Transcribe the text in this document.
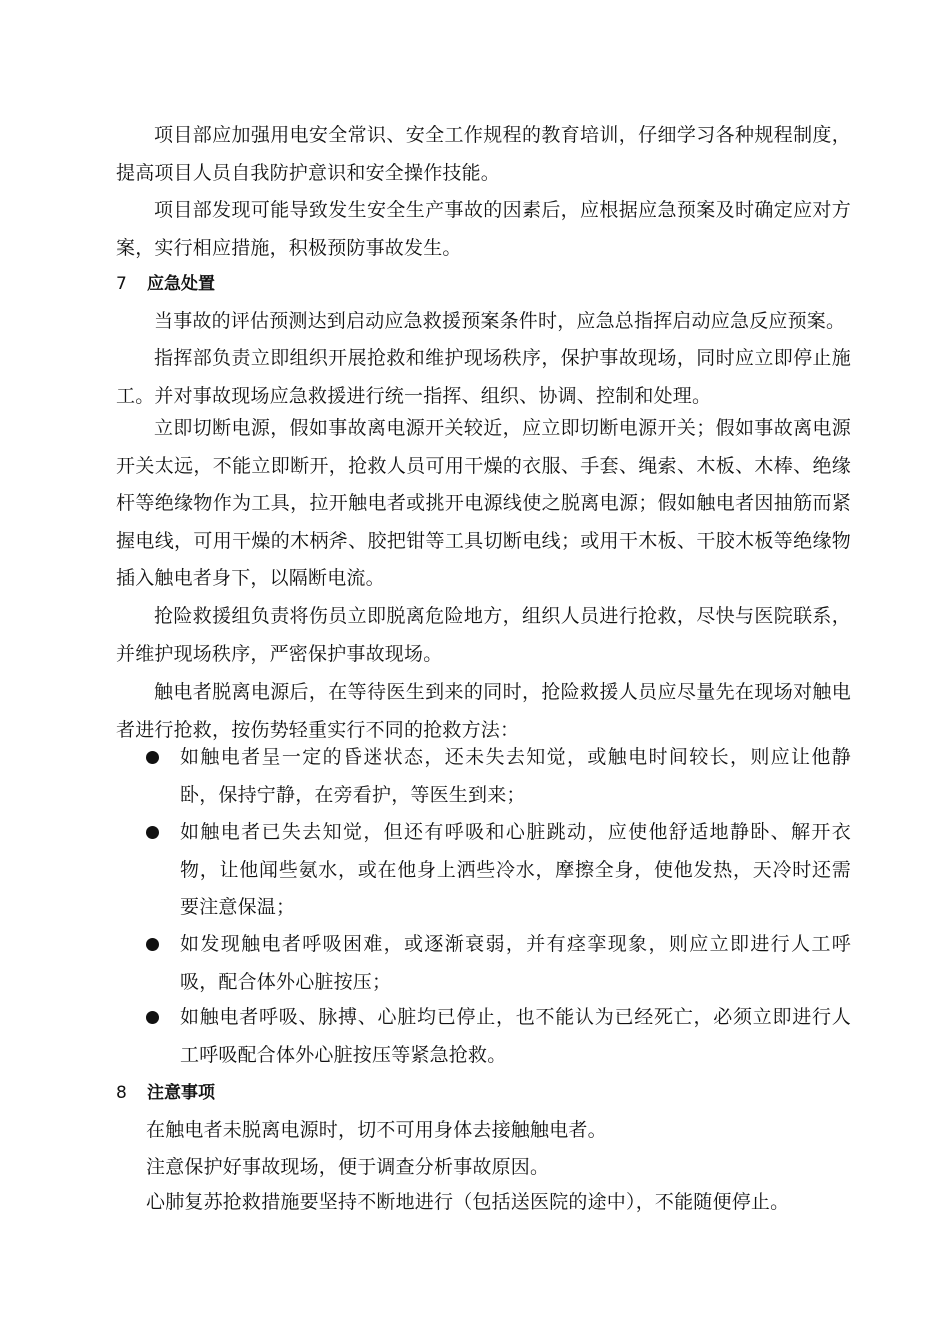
项目部应加强用电安全常识、安全工作规程的教育培训，仔细学习各种规程制度，提高项目人员自我防护意识和安全操作技能。

项目部发现可能导致发生安全生产事故的因素后，应根据应急预案及时确定应对方案，实行相应措施，积极预防事故发生。

7 应急处置

当事故的评估预测达到启动应急救援预案条件时，应急总指挥启动应急反应预案。

指挥部负责立即组织开展抢救和维护现场秩序，保护事故现场，同时应立即停止施工。并对事故现场应急救援进行统一指挥、组织、协调、控制和处理。

立即切断电源，假如事故离电源开关较近，应立即切断电源开关；假如事故离电源开关太远，不能立即断开，抢救人员可用干燥的衣服、手套、绳索、木板、木棒、绝缘杆等绝缘物作为工具，拉开触电者或挑开电源线使之脱离电源；假如触电者因抽筋而紧握电线，可用干燥的木柄斧、胶把钳等工具切断电线；或用干木板、干胶木板等绝缘物插入触电者身下，以隔断电流。

抢险救援组负责将伤员立即脱离危险地方，组织人员进行抢救，尽快与医院联系，并维护现场秩序，严密保护事故现场。

触电者脱离电源后，在等待医生到来的同时，抢险救援人员应尽量先在现场对触电者进行抢救，按伤势轻重实行不同的抢救方法：

如触电者呈一定的昏迷状态，还未失去知觉，或触电时间较长，则应让他静卧，保持宁静，在旁看护，等医生到来；
如触电者已失去知觉，但还有呼吸和心脏跳动，应使他舒适地静卧、解开衣物，让他闻些氨水，或在他身上洒些冷水，摩擦全身，使他发热，天冷时还需要注意保温；
如发现触电者呼吸困难，或逐渐衰弱，并有痉挛现象，则应立即进行人工呼吸，配合体外心脏按压；
如触电者呼吸、脉搏、心脏均已停止，也不能认为已经死亡，必须立即进行人工呼吸配合体外心脏按压等紧急抢救。
8 注意事项

在触电者未脱离电源时，切不可用身体去接触触电者。

注意保护好事故现场，便于调查分析事故原因。

心肺复苏抢救措施要坚持不断地进行（包括送医院的途中），不能随便停止。
